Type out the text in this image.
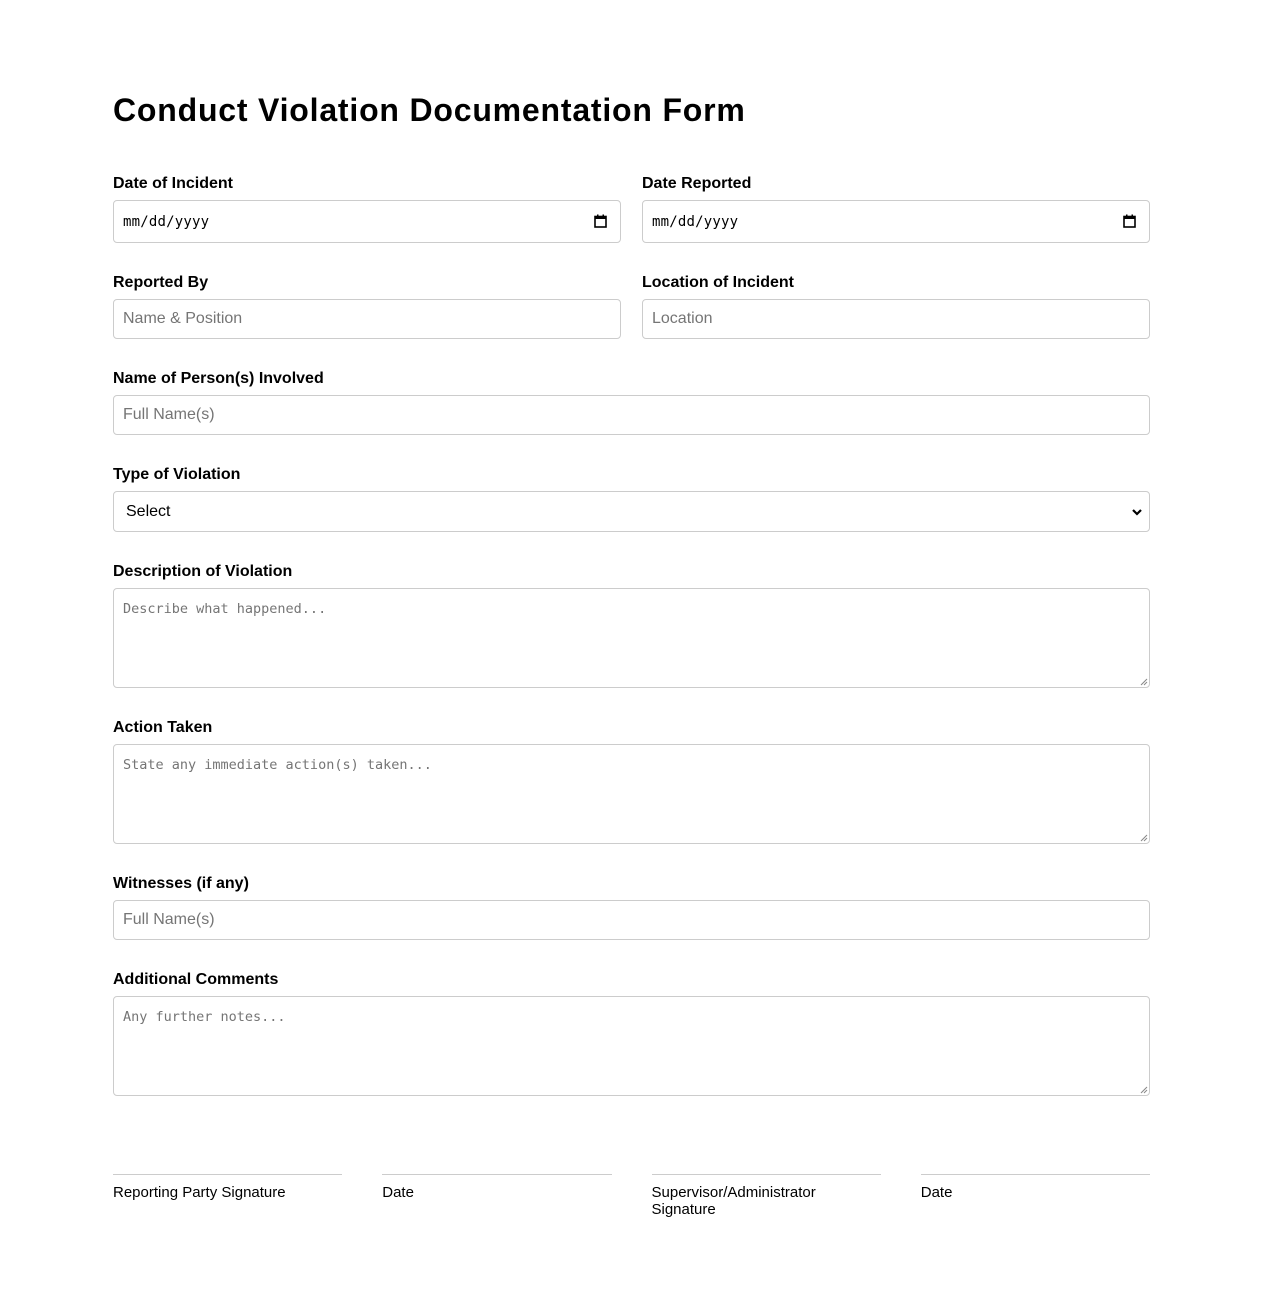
Conduct Violation Documentation Form
Date of Incident
mm/dd/yyyy
Date Reported
mm/dd/yyyy
Reported By
Name & Position
Location of Incident
Location
Name of Person(s) Involved
Full Name(s)
Type of Violation
Select
Description of Violation
Describe what happened...
Action Taken
State any immediate action(s) taken...
Witnesses (if any)
Full Name(s)
Additional Comments
Any further notes...
Reporting Party Signature	Date	Supervisor/Administrator Signature
Date
